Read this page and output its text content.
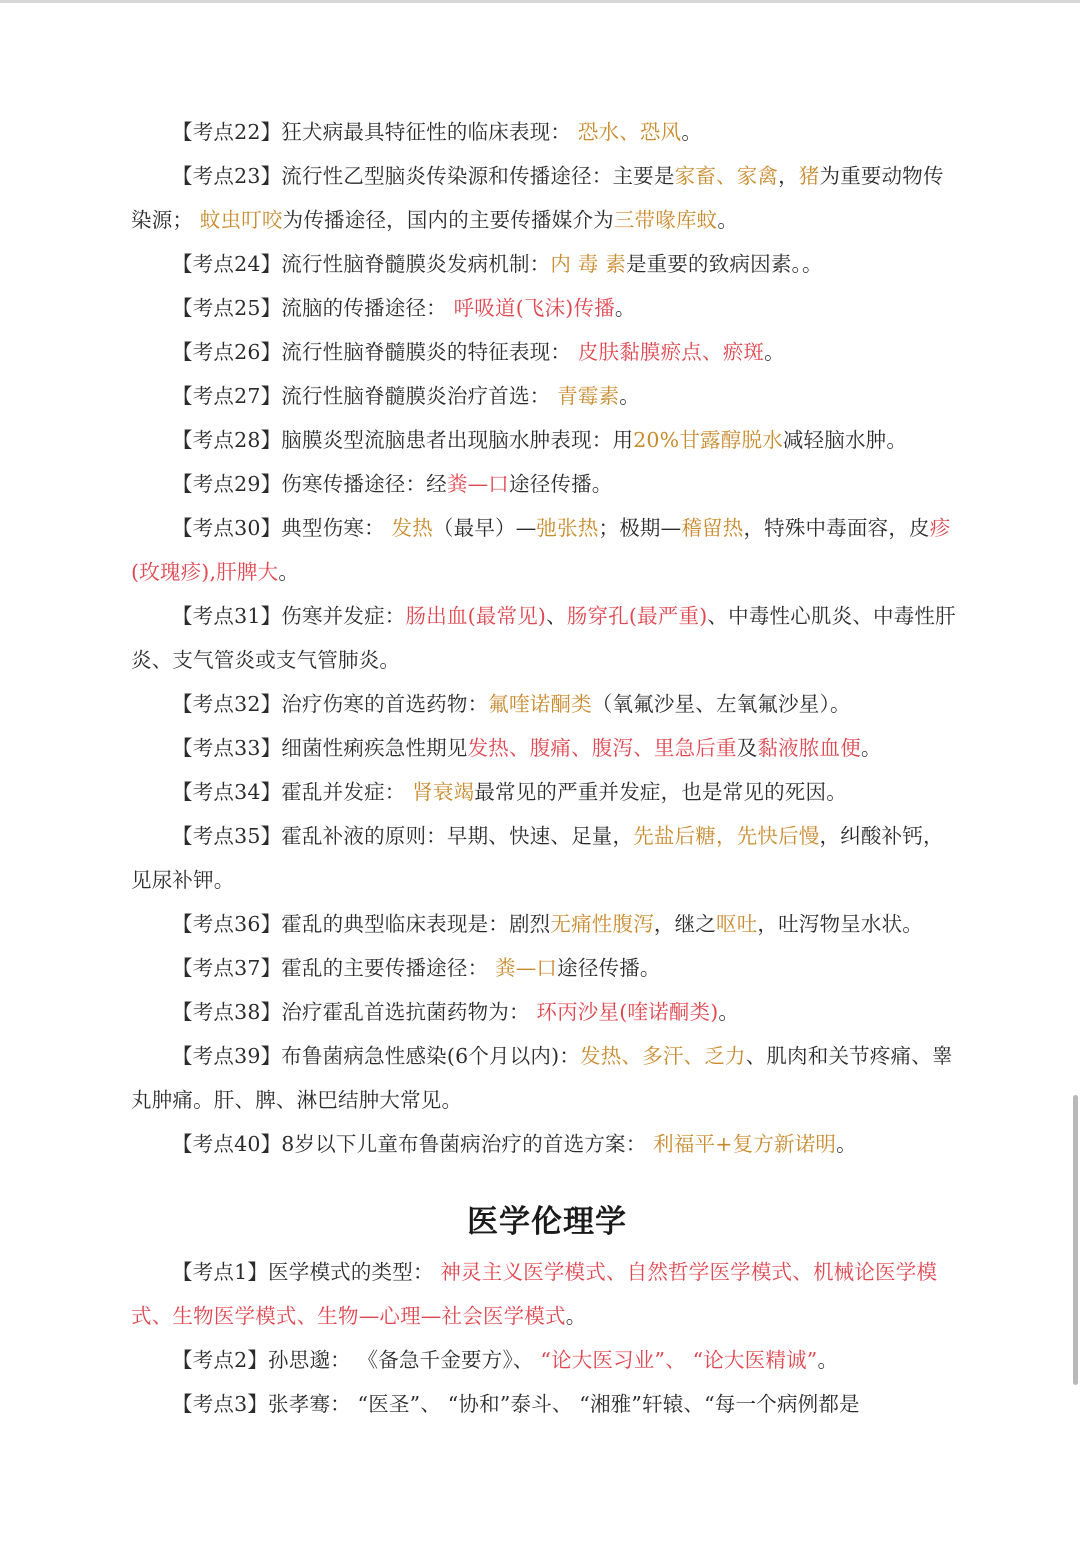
【考点22】狂犬病最具特征性的临床表现： 恐水、恐风。

【考点23】流行性乙型脑炎传染源和传播途径：主要是家畜、家禽，猪为重要动物传染源； 蚊虫叮咬为传播途径，国内的主要传播媒介为三带喙库蚊。

【考点24】流行性脑脊髓膜炎发病机制：内 毒 素是重要的致病因素。。

【考点25】流脑的传播途径： 呼吸道(飞沫)传播。

【考点26】流行性脑脊髓膜炎的特征表现： 皮肤黏膜瘀点、瘀斑。

【考点27】流行性脑脊髓膜炎治疗首选： 青霉素。

【考点28】脑膜炎型流脑患者出现脑水肿表现：用20%甘露醇脱水减轻脑水肿。

【考点29】伤寒传播途径：经粪—口途径传播。

【考点30】典型伤寒： 发热（最早）—弛张热；极期—稽留热，特殊中毒面容，皮疹 (玫瑰疹),肝脾大。

【考点31】伤寒并发症：肠出血(最常见)、肠穿孔(最严重)、中毒性心肌炎、中毒性肝炎、支气管炎或支气管肺炎。

【考点32】治疗伤寒的首选药物：氟喹诺酮类（氧氟沙星、左氧氟沙星）。

【考点33】细菌性痢疾急性期见发热、腹痛、腹泻、里急后重及黏液脓血便。

【考点34】霍乱并发症： 肾衰竭最常见的严重并发症，也是常见的死因。

【考点35】霍乱补液的原则：早期、快速、足量，先盐后糖，先快后慢，纠酸补钙，见尿补钾。

【考点36】霍乱的典型临床表现是：剧烈无痛性腹泻，继之呕吐，吐泻物呈水状。

【考点37】霍乱的主要传播途径： 粪—口途径传播。

【考点38】治疗霍乱首选抗菌药物为： 环丙沙星(喹诺酮类)。

【考点39】布鲁菌病急性感染(6个月以内)：发热、多汗、乏力、肌肉和关节疼痛、睾丸肿痛。肝、脾、淋巴结肿大常见。

【考点40】8岁以下儿童布鲁菌病治疗的首选方案： 利福平+复方新诺明。

医学伦理学

【考点1】医学模式的类型： 神灵主义医学模式、自然哲学医学模式、机械论医学模式、生物医学模式、生物—心理—社会医学模式。

【考点2】孙思邈： 《备急千金要方》、 “论大医习业”、 “论大医精诚”。

【考点3】张孝骞： “医圣”、 “协和”泰斗、 “湘雅”轩辕、“每一个病例都是
